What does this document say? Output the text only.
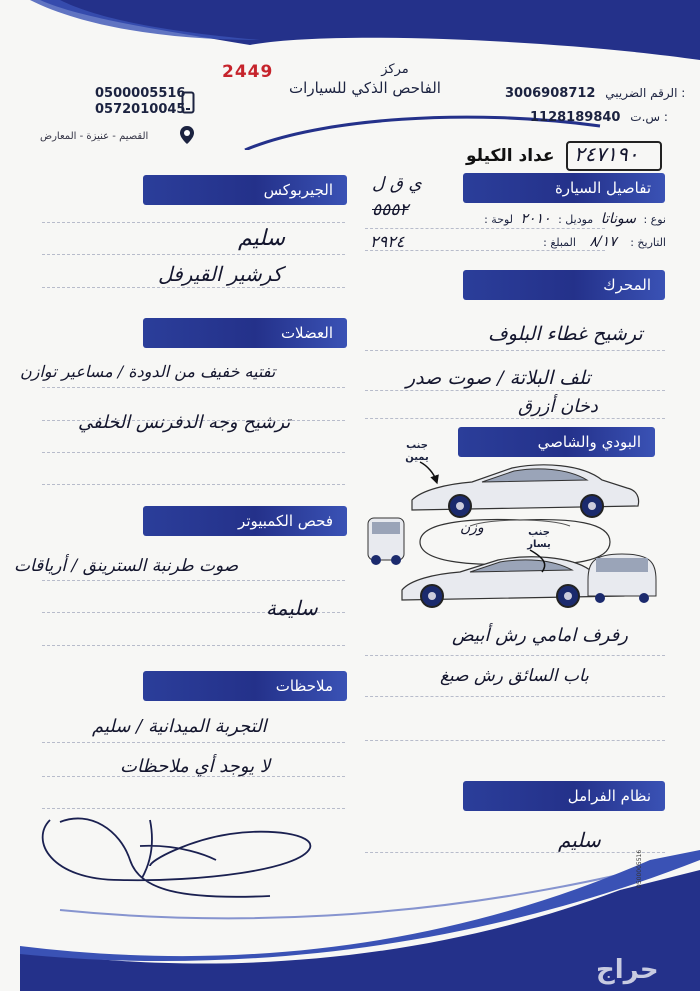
مركز
الفاحص الذكي للسيارات
2449
3006908712 الرقم الضريبي :
1128189840 س.ت :
0500005516
0572010045
القصيم - عنيزة - المعارض
عداد الكيلو ٢٤٧١٩٠
الجيربوكس
سليم
كرشير القيرفل
العضلات
تفتيه خفيف من الدودة / مساعير توازن
ترشيح وجه الدفرنس الخلفي
فحص الكمبيوتر
صوت طرنبة السترينق / أرياقات
سليمة
ملاحظات
التجربة الميدانية / سليم
لا يوجد أي ملاحظات
تفاصيل السيارة
ي ق ل
٥٥٥٢	نوع : سوناتا موديل : ٢٠١٠ لوحة :
التاريخ : ٨/١٧ المبلغ :
٢٩٢٤
المحرك
ترشيح غطاء البلوف
تلف البلاتة / صوت صدر
دخان أزرق
البودي والشاصي
جنب يمين
جنب يسار
وزن
رفرف امامي رش أبيض
باب السائق رش صبغ
نظام الفرامل
سليم
0500005516
حراج
